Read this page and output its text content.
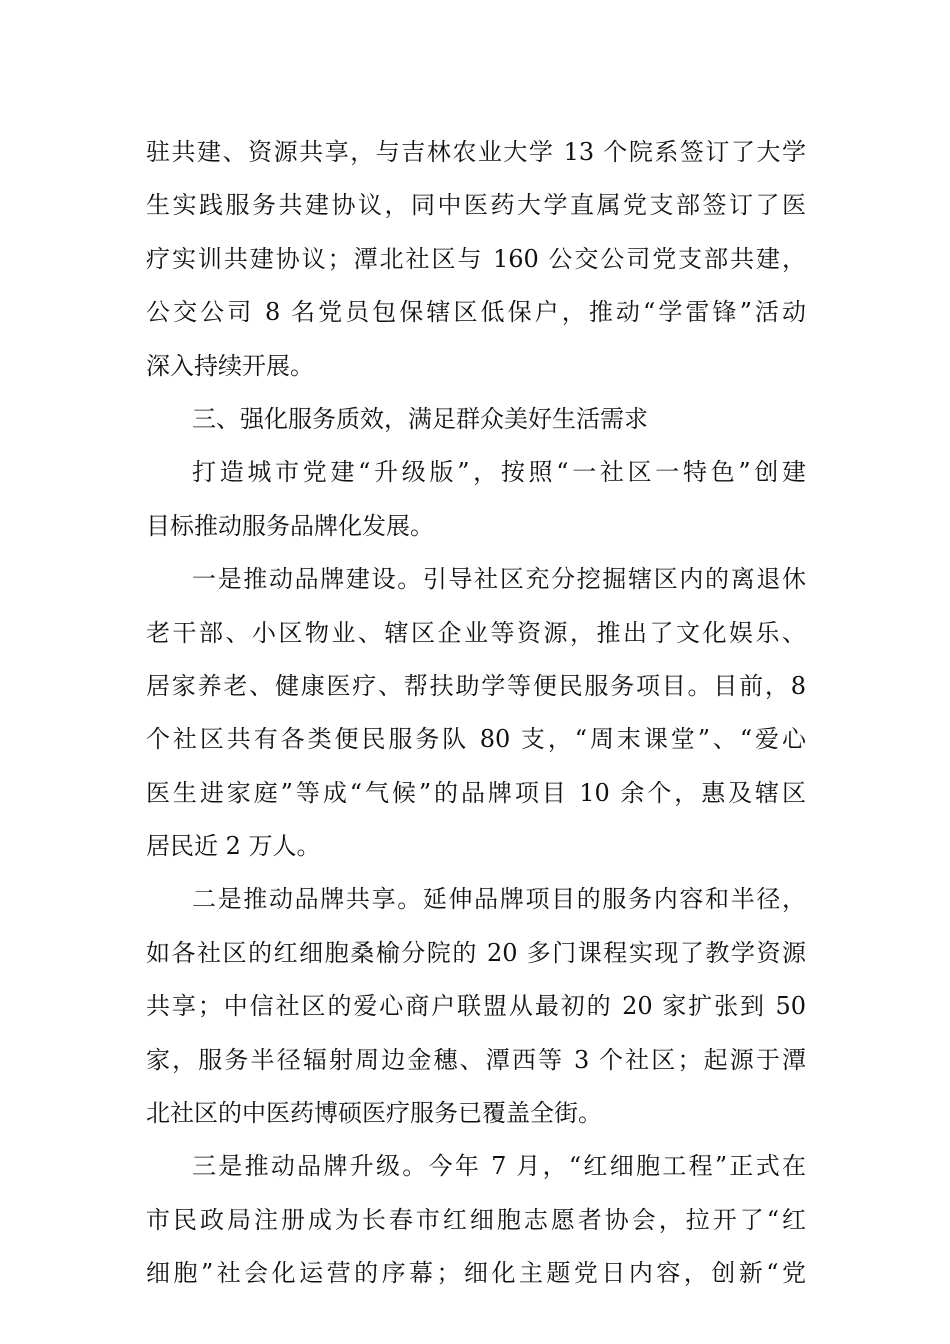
驻共建、资源共享，与吉林农业大学 13 个院系签订了大学
生实践服务共建协议，同中医药大学直属党支部签订了医
疗实训共建协议；潭北社区与 160 公交公司党支部共建，
公交公司 8 名党员包保辖区低保户，推动“学雷锋”活动
深入持续开展。
三、强化服务质效，满足群众美好生活需求
打造城市党建“升级版”，按照“一社区一特色”创建
目标推动服务品牌化发展。
一是推动品牌建设。引导社区充分挖掘辖区内的离退休
老干部、小区物业、辖区企业等资源，推出了文化娱乐、
居家养老、健康医疗、帮扶助学等便民服务项目。目前，8
个社区共有各类便民服务队 80 支，“周末课堂”、“爱心
医生进家庭”等成“气候”的品牌项目 10 余个，惠及辖区
居民近 2 万人。
二是推动品牌共享。延伸品牌项目的服务内容和半径，
如各社区的红细胞桑榆分院的 20 多门课程实现了教学资源
共享；中信社区的爱心商户联盟从最初的 20 家扩张到 50
家，服务半径辐射周边金穗、潭西等 3 个社区；起源于潭
北社区的中医药博硕医疗服务已覆盖全街。
三是推动品牌升级。今年 7 月，“红细胞工程”正式在
市民政局注册成为长春市红细胞志愿者协会，拉开了“红
细胞”社会化运营的序幕；细化主题党日内容，创新“党
